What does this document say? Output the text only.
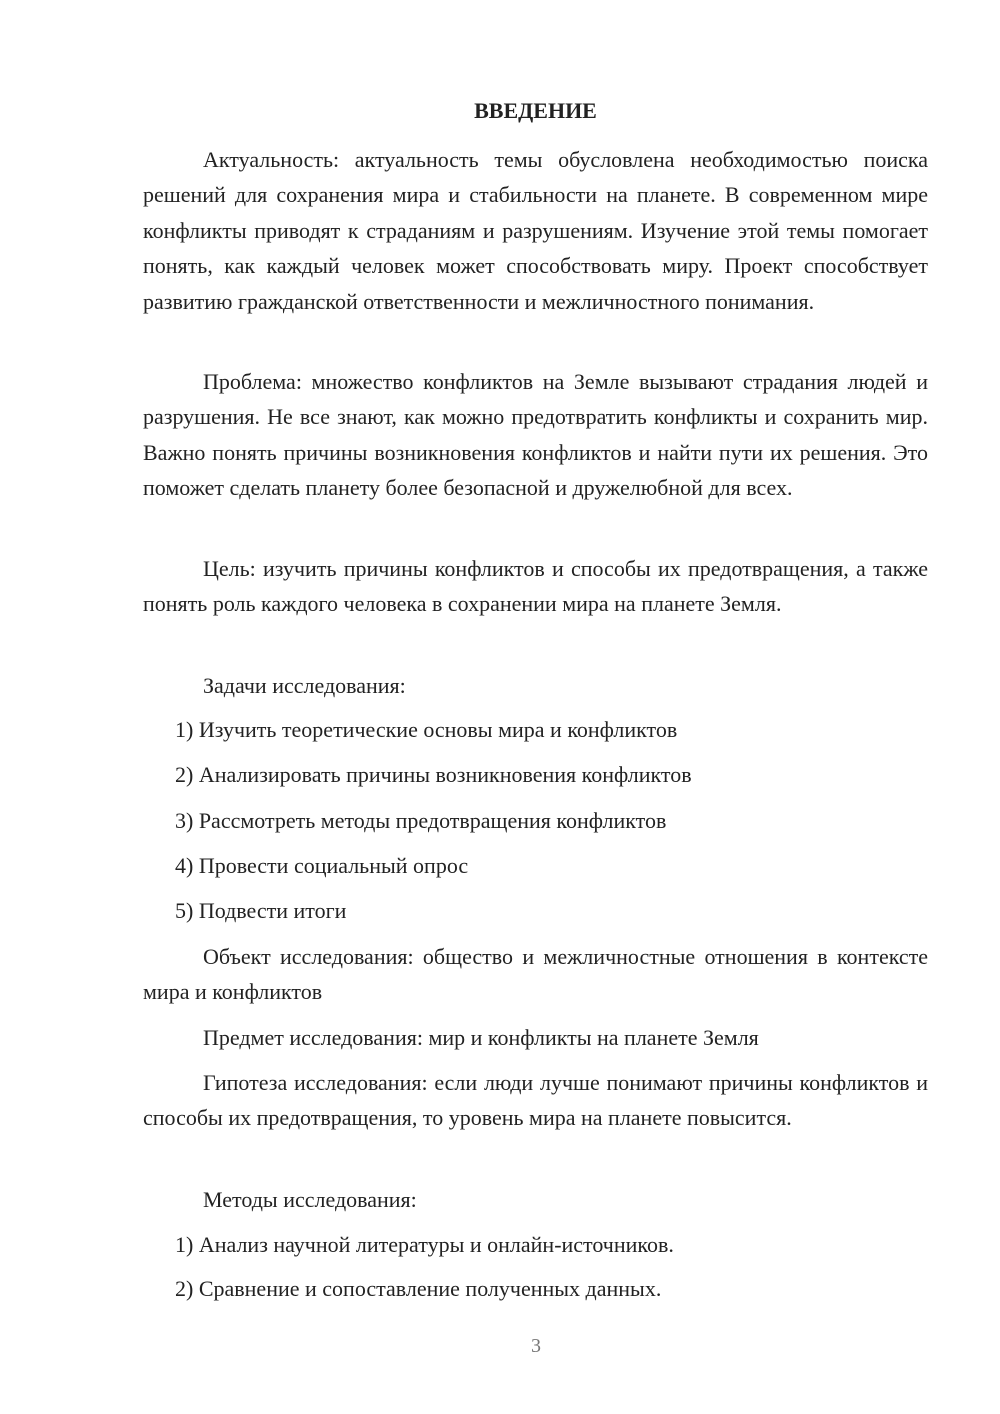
ВВЕДЕНИЕ

Актуальность: актуальность темы обусловлена необходимостью поиска решений для сохранения мира и стабильности на планете. В современном мире конфликты приводят к страданиям и разрушениям. Изучение этой темы помогает понять, как каждый человек может способствовать миру. Проект способствует развитию гражданской ответственности и межличностного понимания.

Проблема: множество конфликтов на Земле вызывают страдания людей и разрушения. Не все знают, как можно предотвратить конфликты и сохранить мир. Важно понять причины возникновения конфликтов и найти пути их решения. Это поможет сделать планету более безопасной и дружелюбной для всех.

Цель: изучить причины конфликтов и способы их предотвращения, а также понять роль каждого человека в сохранении мира на планете Земля.

Задачи исследования:

1) Изучить теоретические основы мира и конфликтов

2) Анализировать причины возникновения конфликтов

3) Рассмотреть методы предотвращения конфликтов

4) Провести социальный опрос

5) Подвести итоги

Объект исследования: общество и межличностные отношения в контексте мира и конфликтов

Предмет исследования: мир и конфликты на планете Земля

Гипотеза исследования: если люди лучше понимают причины конфликтов и способы их предотвращения, то уровень мира на планете повысится.

Методы исследования:

1) Анализ научной литературы и онлайн-источников.

2) Сравнение и сопоставление полученных данных.

3
